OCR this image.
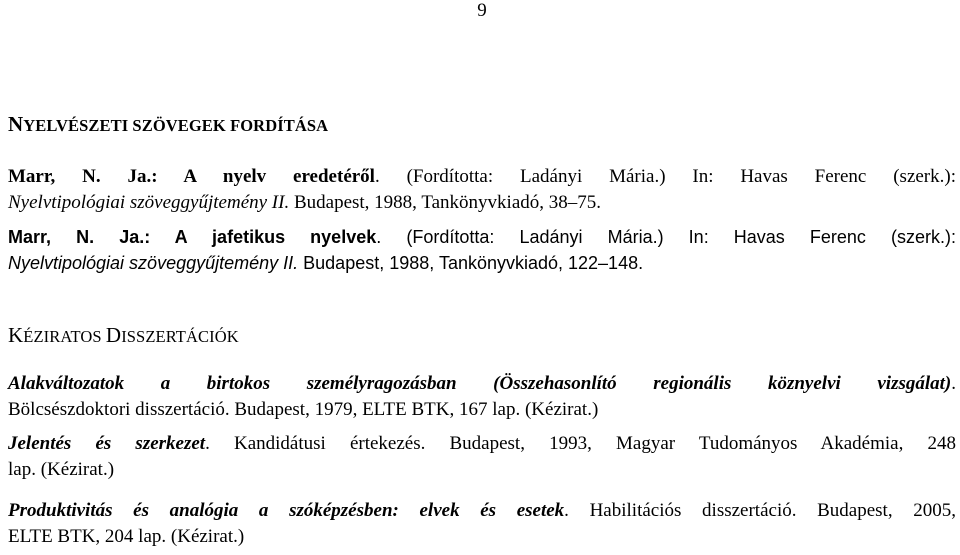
9
NYELVÉSZETI SZÖVEGEK FORDÍTÁSA
Marr, N. Ja.: A nyelv eredetéről. (Fordította: Ladányi Mária.) In: Havas Ferenc (szerk.):
Nyelvtipológiai szöveggyűjtemény II. Budapest, 1988, Tankönyvkiadó, 38–75.
Marr, N. Ja.: A jafetikus nyelvek. (Fordította: Ladányi Mária.) In: Havas Ferenc (szerk.):
Nyelvtipológiai szöveggyűjtemény II. Budapest, 1988, Tankönyvkiadó, 122–148.
KÉZIRATOS DISSZERTÁCIÓK
Alakváltozatok a birtokos személyragozásban (Összehasonlító regionális köznyelvi vizsgálat).
Bölcsészdoktori disszertáció. Budapest, 1979, ELTE BTK, 167 lap. (Kézirat.)
Jelentés és szerkezet. Kandidátusi értekezés. Budapest, 1993, Magyar Tudományos Akadémia, 248
lap. (Kézirat.)
Produktivitás és analógia a szóképzésben: elvek és esetek. Habilitációs disszertáció. Budapest, 2005,
ELTE BTK, 204 lap. (Kézirat.)
